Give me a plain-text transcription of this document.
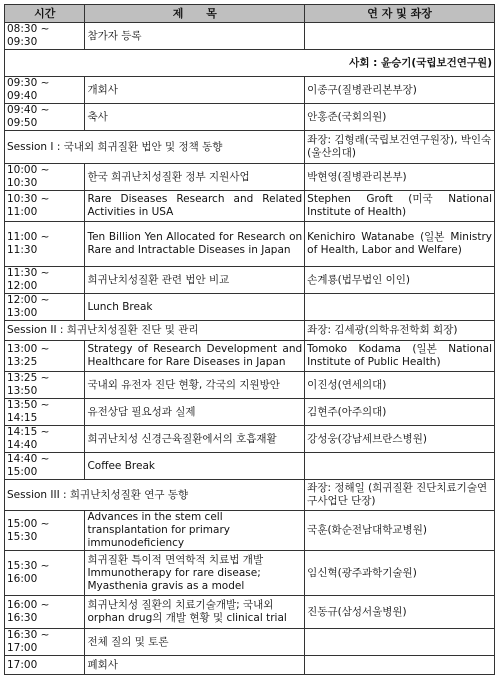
시간	제      목	연 자 및 좌장
08:30 ~ 09:30	참가자 등록	
사회 : 윤승기(국립보건연구원)		
09:30 ~ 09:40	개회사	이종구(질병관리본부장)
09:40 ~ 09:50	축사	안홍준(국회의원)
Session I : 국내외 희귀질환 법안 및 정책 동향		좌장: 김형래(국립보건연구원장), 박인숙(울산의대)
10:00 ~ 10:30	한국 희귀난치성질환 정부 지원사업	박현영(질병관리본부)
10:30 ~ 11:00	Rare Diseases Research and Related Activities in USA	Stephen Groft (미국 National Institute of Health)
11:00 ~ 11:30	Ten Billion Yen Allocated for Research on Rare and Intractable Diseases in Japan	Kenichiro Watanabe (일본 Ministry of Health, Labor and Welfare)
11:30 ~ 12:00	희귀난치성질환 관련 법안 비교	손계룡(법무법인 이인)
12:00 ~ 13:00	Lunch Break	
Session II : 희귀난치성질환 진단 및 관리		좌장: 김세광(의학유전학회 회장)
13:00 ~ 13:25	Strategy of Research Development and Healthcare for Rare Diseases in Japan	Tomoko Kodama (일본 National Institute of Public Health)
13:25 ~ 13:50	국내외 유전자 진단 현황, 각국의 지원방안	이진성(연세의대)
13:50 ~ 14:15	유전상담 필요성과 실제	김현주(아주의대)
14:15 ~ 14:40	희귀난치성 신경근육질환에서의 호흡재활	강성웅(강남세브란스병원)
14:40 ~ 15:00	Coffee Break	
Session III : 희귀난치성질환 연구 동향		좌장: 정해일 (희귀질환 진단치료기술연구사업단 단장)
15:00 ~ 15:30	Advances in the stem cell transplantation for primary immunodeficiency	국훈(화순전남대학교병원)
15:30 ~ 16:00	희귀질환 특이적 면역학적 치료법 개발 Immunotherapy for rare disease; Myasthenia gravis as a model	임신혁(광주과학기술원)
16:00 ~ 16:30	희귀난치성 질환의 치료기술개발; 국내외 orphan drug의 개발 현황 및 clinical trial	진동규(삼성서울병원)
16:30 ~ 17:00	전체 질의 및 토론	
17:00	폐회사	
